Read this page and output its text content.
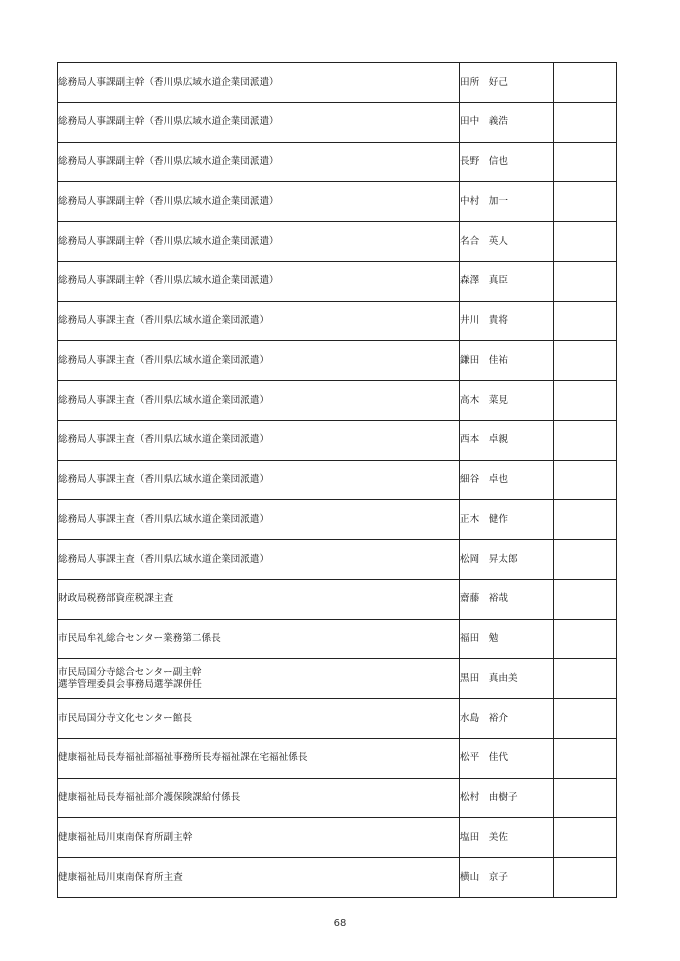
総務局人事課副主幹（香川県広域水道企業団派遣）	田所　好己	

総務局人事課副主幹（香川県広域水道企業団派遣）	田中　義浩	

総務局人事課副主幹（香川県広域水道企業団派遣）	長野　信也	

総務局人事課副主幹（香川県広域水道企業団派遣）	中村　加一	

総務局人事課副主幹（香川県広域水道企業団派遣）	名合　英人	

総務局人事課副主幹（香川県広域水道企業団派遣）	森澤　真臣	

総務局人事課主査（香川県広域水道企業団派遣）	井川　貴将	

総務局人事課主査（香川県広域水道企業団派遣）	鎌田　佳祐	

総務局人事課主査（香川県広域水道企業団派遣）	高木　菜見	

総務局人事課主査（香川県広域水道企業団派遣）	西本　卓親	

総務局人事課主査（香川県広域水道企業団派遣）	細谷　卓也	

総務局人事課主査（香川県広域水道企業団派遣）	正木　健作	

総務局人事課主査（香川県広域水道企業団派遣）	松岡　昇太郎	

財政局税務部資産税課主査	齋藤　裕哉	

市民局牟礼総合センター業務第二係長	福田　勉	

市民局国分寺総合センター副主幹
選挙管理委員会事務局選挙課併任	黒田　真由美	

市民局国分寺文化センター館長	水島　裕介	

健康福祉局長寿福祉部福祉事務所長寿福祉課在宅福祉係長	松平　佳代	

健康福祉局長寿福祉部介護保険課給付係長	松村　由樹子	

健康福祉局川東南保育所副主幹	塩田　美佐	

健康福祉局川東南保育所主査	横山　京子	
68
